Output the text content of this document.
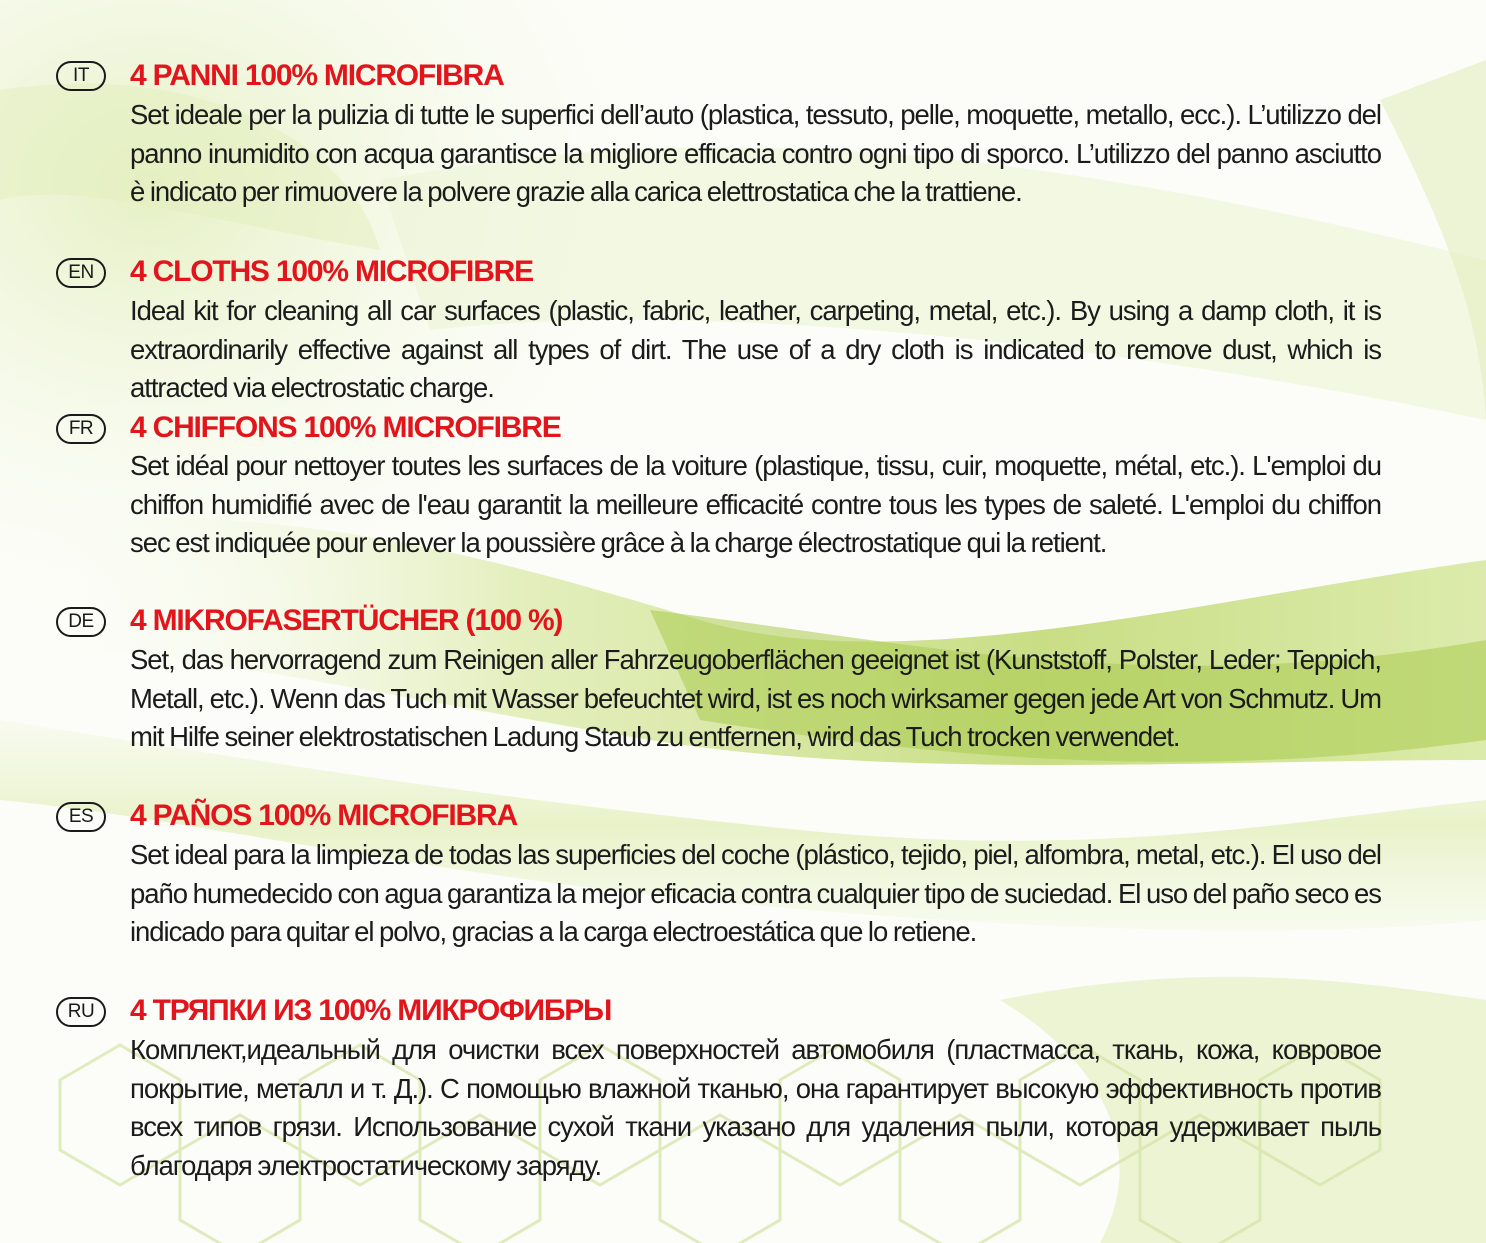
IT	4 PANNI 100% MICROFIBRA

Set ideale per la pulizia di tutte le superfici dell’auto (plastica, tessuto, pelle, moquette, metallo, ecc.). L’utilizzo del panno inumidito con acqua garantisce la migliore efficacia contro ogni tipo di sporco. L’utilizzo del panno asciutto è indicato per rimuovere la polvere grazie alla carica elettrostatica che la trattiene.

EN	4 CLOTHS 100% MICROFIBRE

Ideal kit for cleaning all car surfaces (plastic, fabric, leather, carpeting, metal, etc.). By using a damp cloth, it is extraordinarily effective against all types of dirt. The use of a dry cloth is indicated to remove dust, which is attracted via electrostatic charge.

FR	4 CHIFFONS 100% MICROFIBRE

Set idéal pour nettoyer toutes les surfaces de la voiture (plastique, tissu, cuir, moquette, métal, etc.). L'emploi du chiffon humidifié avec de l'eau garantit la meilleure efficacité contre tous les types de saleté. L'emploi du chiffon sec est indiquée pour enlever la poussière grâce à la charge électrostatique qui la retient.

DE	4 MIKROFASERTÜCHER (100 %)

Set, das hervorragend zum Reinigen aller Fahrzeugoberflächen geeignet ist (Kunststoff, Polster, Leder; Teppich, Metall, etc.). Wenn das Tuch mit Wasser befeuchtet wird, ist es noch wirksamer gegen jede Art von Schmutz. Um mit Hilfe seiner elektrostatischen Ladung Staub zu entfernen, wird das Tuch trocken verwendet.

ES	4 PAÑOS 100% MICROFIBRA

Set ideal para la limpieza de todas las superficies del coche (plástico, tejido, piel, alfombra, metal, etc.). El uso del paño humedecido con agua garantiza la mejor eficacia contra cualquier tipo de suciedad. El uso del paño seco es indicado para quitar el polvo, gracias a la carga electroestática que lo retiene.

RU	4 ТРЯПКИ ИЗ 100% МИКРОФИБРЫ

Комплект,идеальный для очистки всех поверхностей автомобиля (пластмасса, ткань, кожа, ковровое покрытие, металл и т. Д.). С помощью влажной тканью, она гарантирует высокую эффективность против всех типов грязи. Использование сухой ткани указано для удаления пыли, которая удерживает пыль благодаря электростатическому заряду.
